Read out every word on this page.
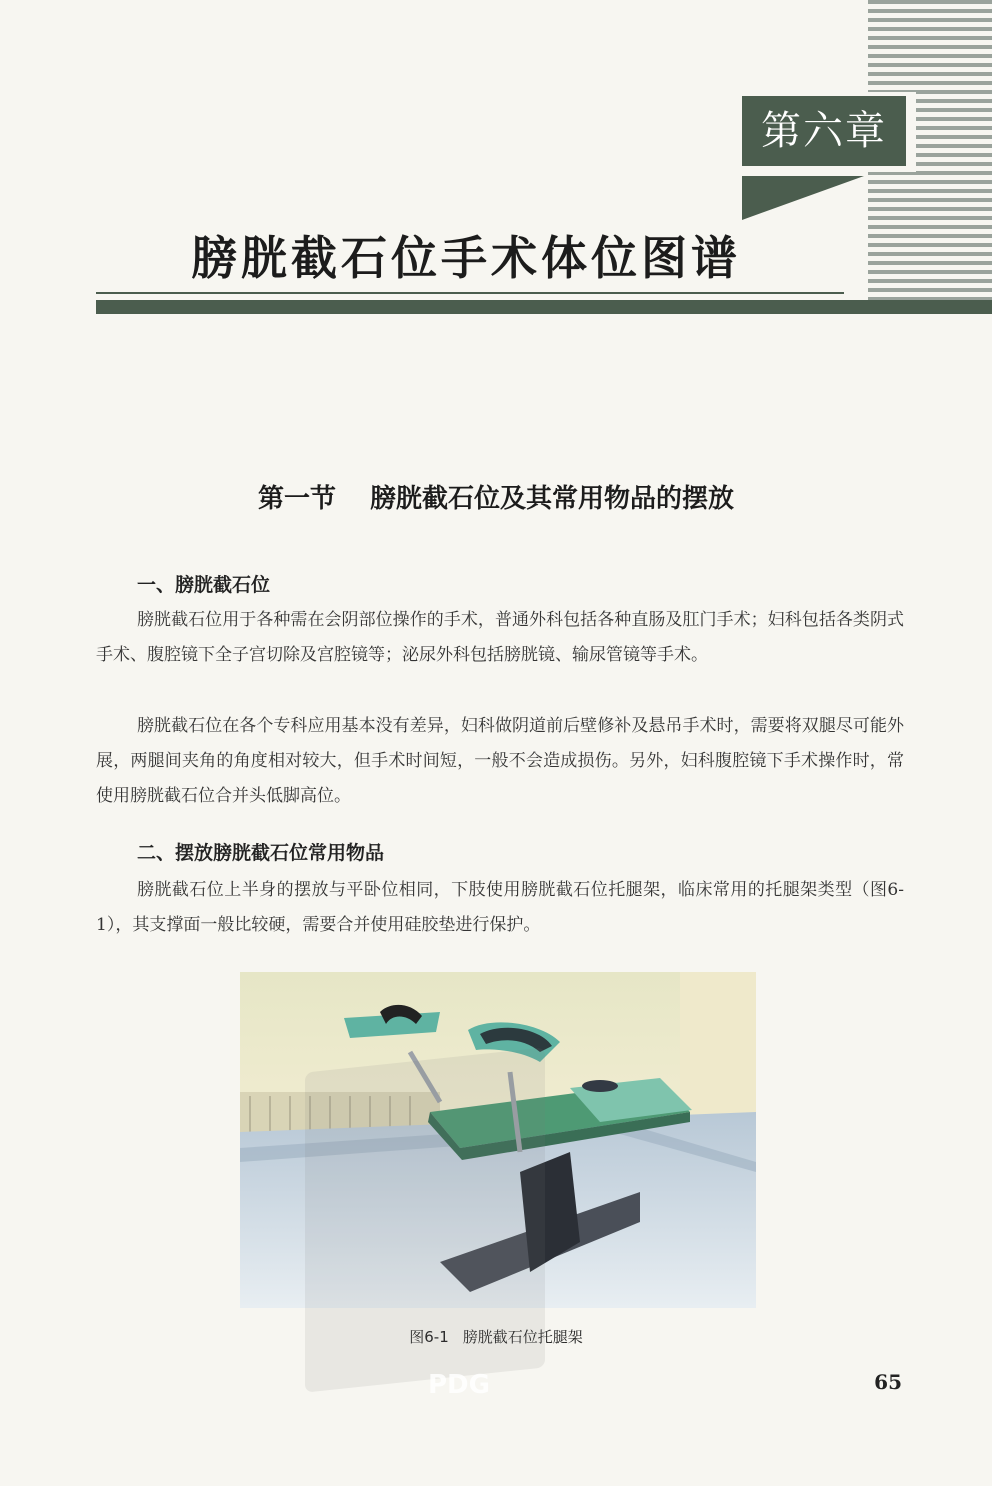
第六章
膀胱截石位手术体位图谱
第一节 膀胱截石位及其常用物品的摆放
一、膀胱截石位
膀胱截石位用于各种需在会阴部位操作的手术，普通外科包括各种直肠及肛门手术；妇科包括各类阴式手术、腹腔镜下全子宫切除及宫腔镜等；泌尿外科包括膀胱镜、输尿管镜等手术。
膀胱截石位在各个专科应用基本没有差异，妇科做阴道前后壁修补及悬吊手术时，需要将双腿尽可能外展，两腿间夹角的角度相对较大，但手术时间短，一般不会造成损伤。另外，妇科腹腔镜下手术操作时，常使用膀胱截石位合并头低脚高位。
二、摆放膀胱截石位常用物品
膀胱截石位上半身的摆放与平卧位相同，下肢使用膀胱截石位托腿架，临床常用的托腿架类型（图6-1），其支撑面一般比较硬，需要合并使用硅胶垫进行保护。
图6-1 膀胱截石位托腿架
PDG	65
